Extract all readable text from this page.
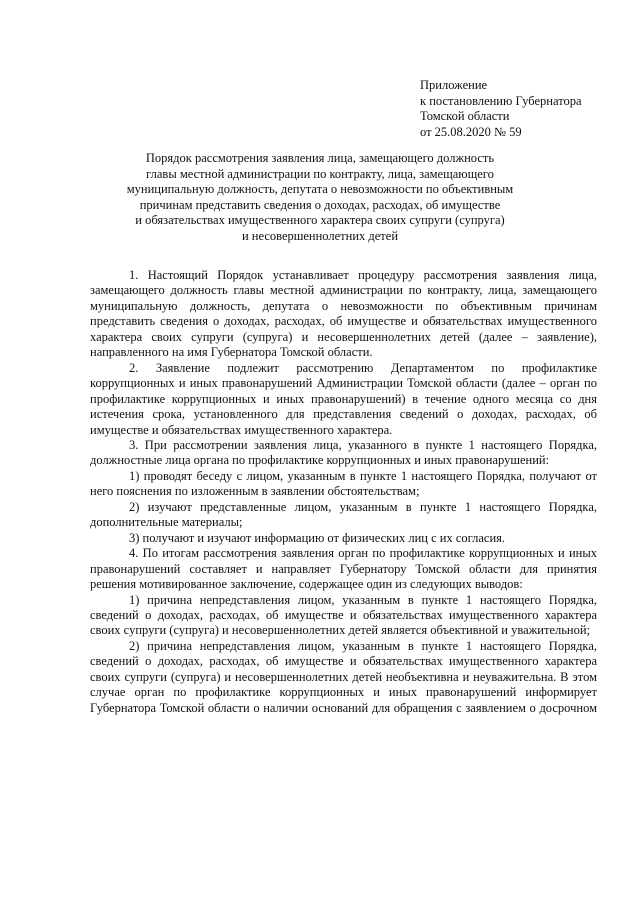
Приложение
к постановлению Губернатора
Томской области
от 25.08.2020 № 59
Порядок рассмотрения заявления лица, замещающего должность
главы местной администрации по контракту, лица, замещающего
муниципальную должность, депутата о невозможности по объективным
причинам представить сведения о доходах, расходах, об имуществе
и обязательствах имущественного характера своих супруги (супруга)
и несовершеннолетних детей

1. Настоящий Порядок устанавливает процедуру рассмотрения заявления лица, замещающего должность главы местной администрации по контракту, лица, замещающего муниципальную должность, депутата о невозможности по объективным причинам представить сведения о доходах, расходах, об имуществе и обязательствах имущественного характера своих супруги (супруга) и несовершеннолетних детей (далее – заявление), направленного на имя Губернатора Томской области.

2. Заявление подлежит рассмотрению Департаментом по профилактике коррупционных и иных правонарушений Администрации Томской области (далее – орган по профилактике коррупционных и иных правонарушений) в течение одного месяца со дня истечения срока, установленного для представления сведений о доходах, расходах, об имуществе и обязательствах имущественного характера.

3. При рассмотрении заявления лица, указанного в пункте 1 настоящего Порядка, должностные лица органа по профилактике коррупционных и иных правонарушений:

1) проводят беседу с лицом, указанным в пункте 1 настоящего Порядка, получают от него пояснения по изложенным в заявлении обстоятельствам;

2) изучают представленные лицом, указанным в пункте 1 настоящего Порядка, дополнительные материалы;

3) получают и изучают информацию от физических лиц с их согласия.

4. По итогам рассмотрения заявления орган по профилактике коррупционных и иных правонарушений составляет и направляет Губернатору Томской области для принятия решения мотивированное заключение, содержащее один из следующих выводов:

1) причина непредставления лицом, указанным в пункте 1 настоящего Порядка, сведений о доходах, расходах, об имуществе и обязательствах имущественного характера своих супруги (супруга) и несовершеннолетних детей является объективной и уважительной;

2) причина непредставления лицом, указанным в пункте 1 настоящего Порядка, сведений о доходах, расходах, об имуществе и обязательствах имущественного характера своих супруги (супруга) и несовершеннолетних детей необъективна и неуважительна. В этом случае орган по профилактике коррупционных и иных правонарушений информирует Губернатора Томской области о наличии оснований для обращения с заявлением о досрочном
